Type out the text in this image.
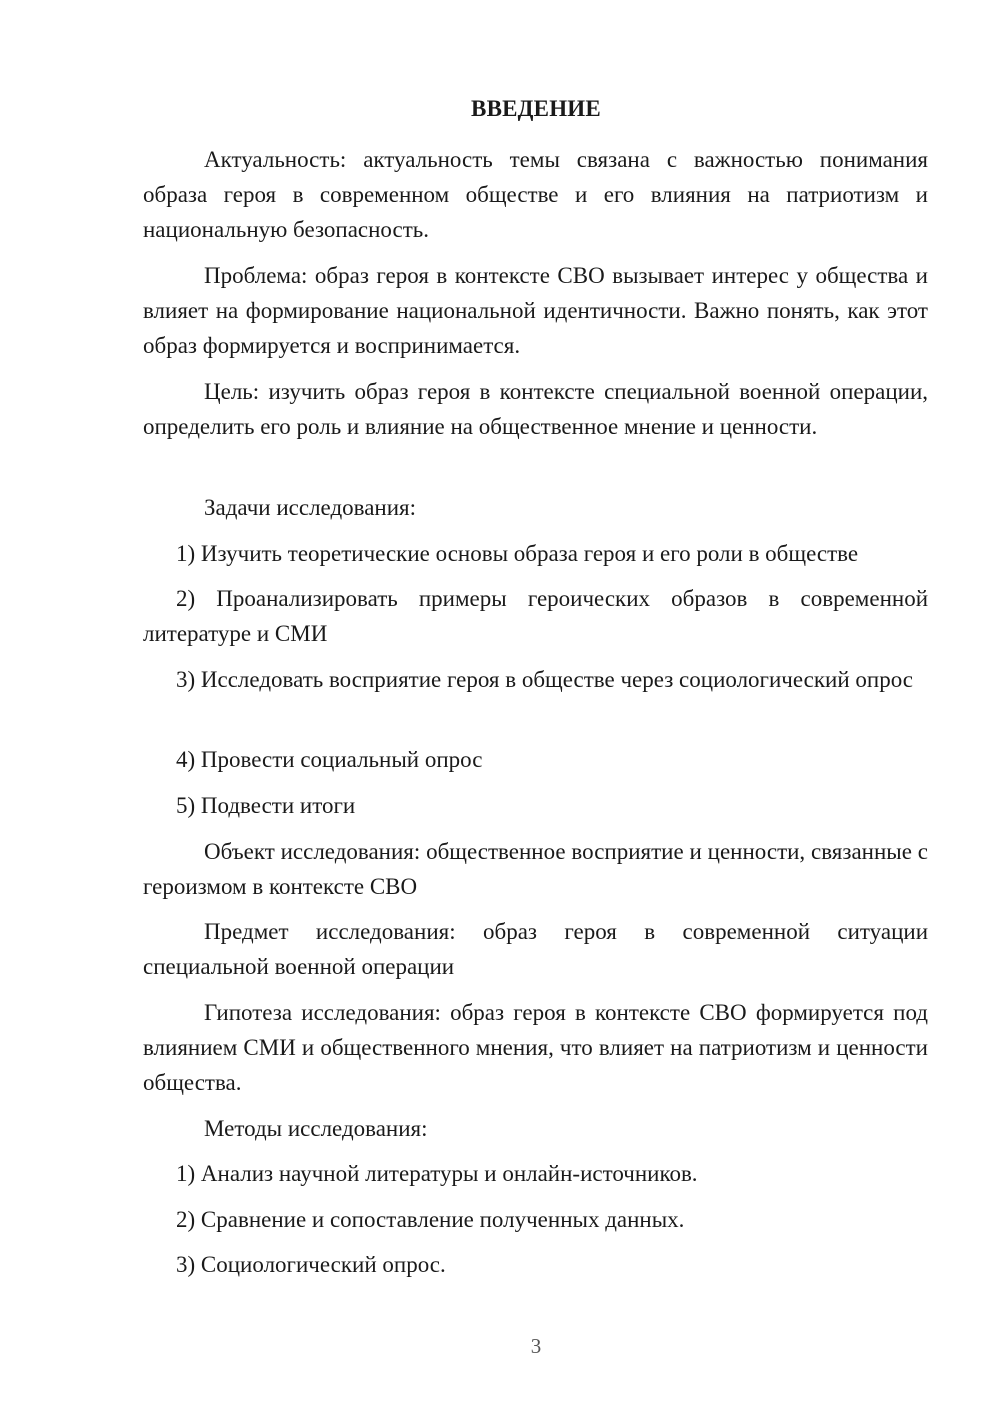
ВВЕДЕНИЕ

Актуальность: актуальность темы связана с важностью понимания образа героя в современном обществе и его влияния на патриотизм и национальную безопасность.

Проблема: образ героя в контексте СВО вызывает интерес у общества и влияет на формирование национальной идентичности. Важно понять, как этот образ формируется и воспринимается.

Цель: изучить образ героя в контексте специальной военной операции, определить его роль и влияние на общественное мнение и ценности.

Задачи исследования:

1) Изучить теоретические основы образа героя и его роли в обществе

2) Проанализировать примеры героических образов в современной литературе и СМИ

3) Исследовать восприятие героя в обществе через социологический опрос

4) Провести социальный опрос

5) Подвести итоги

Объект исследования: общественное восприятие и ценности, связанные с героизмом в контексте СВО

Предмет исследования: образ героя в современной ситуации специальной военной операции

Гипотеза исследования: образ героя в контексте СВО формируется под влиянием СМИ и общественного мнения, что влияет на патриотизм и ценности общества.

Методы исследования:

1) Анализ научной литературы и онлайн-источников.

2) Сравнение и сопоставление полученных данных.

3) Социологический опрос.

3
